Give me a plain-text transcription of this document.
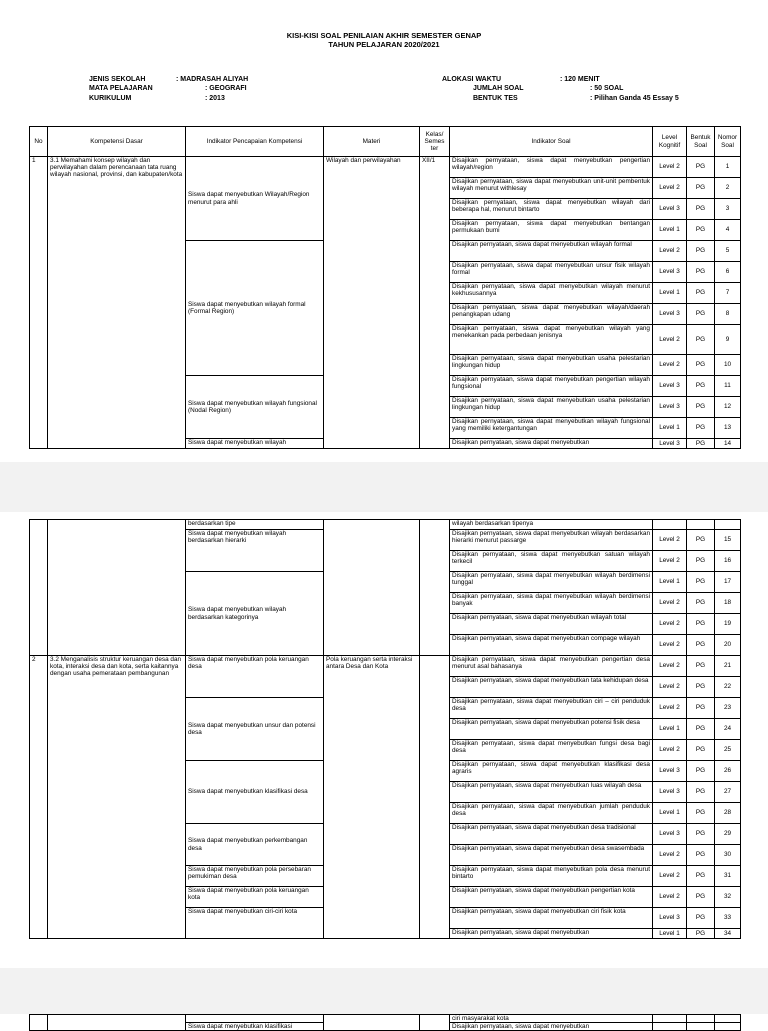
KISI-KISI SOAL PENILAIAN AKHIR SEMESTER GENAP
TAHUN PELAJARAN 2020/2021
JENIS SEKOLAH	: MADRASAH ALIYAH
MATA PELAJARAN	: GEOGRAFI
KURIKULUM	: 2013
ALOKASI WAKTU	: 120 MENIT
JUMLAH SOAL	: 50 SOAL
BENTUK TES	: Pilihan Ganda 45 Essay 5
No	Kompetensi Dasar	Indikator Pencapaian Kompetensi	Materi	Kelas/ Semes ter	Indikator Soal	Level Kognitif	Bentuk Soal	Nomor Soal
1	3.1 Memahami konsep wilayah dan perwilayahan dalam perencanaan tata ruang wilayah nasional, provinsi, dan kabupaten/kota	Siswa dapat menyebutkan Wilayah/Region menurut para ahli	Wilayah dan perwilayahan	XII/1	Disajikan pernyataan, siswa dapat menyebutkan pengertian wilayah/region	Level 2	PG	1
					Disajikan pernyataan, siswa dapat menyebutkan unit-unit pembentuk wilayah menurut withlesay	Level 2	PG	2
					Disajikan pernyataan, siswa dapat menyebutkan wilayah dari beberapa hal, menurut bintarto	Level 3	PG	3
					Disajikan pernyataan, siswa dapat menyebutkan bentangan permukaan bumi	Level 1	PG	4
		Siswa dapat menyebutkan wilayah formal (Formal Region)			Disajikan pernyataan, siswa dapat menyebutkan wilayah formal	Level 2	PG	5
					Disajikan pernyataan, siswa dapat menyebutkan unsur fisik wilayah formal	Level 3	PG	6
					Disajikan pernyataan, siswa dapat menyebutkan wilayah menurut kekhususannya	Level 1	PG	7
					Disajikan pernyataan, siswa dapat menyebutkan wilayah/daerah penangkapan udang	Level 3	PG	8
					Disajikan pernyataan, siswa dapat menyebutkan wilayah yang menekankan pada perbedaan jenisnya	Level 2	PG	9
					Disajikan pernyataan, siswa dapat menyebutkan usaha pelestarian lingkungan hidup	Level 2	PG	10
		Siswa dapat menyebutkan wilayah fungsional (Nodal Region)			Disajikan pernyataan, siswa dapat menyebutkan pengertian wilayah fungsional	Level 3	PG	11
					Disajikan pernyataan, siswa dapat menyebutkan usaha pelestarian lingkungan hidup	Level 3	PG	12
					Disajikan pernyataan, siswa dapat menyebutkan wilayah fungsional yang memiliki ketergantungan	Level 1	PG	13
		Siswa dapat menyebutkan wilayah			Disajikan pernyataan, siswa dapat menyebutkan	Level 3	PG	14
		berdasarkan tipe			wilayah berdasarkan tipenya			
		Siswa dapat menyebutkan wilayah berdasarkan hierarki			Disajikan pernyataan, siswa dapat menyebutkan wilayah berdasarkan hierarki menurut passarge	Level 2	PG	15
					Disajikan pernyataan, siswa dapat menyebutkan satuan wilayah terkecil	Level 2	PG	16
		Siswa dapat menyebutkan wilayah berdasarkan kategorinya			Disajikan pernyataan, siswa dapat menyebutkan wilayah berdimensi tunggal	Level 1	PG	17
					Disajikan pernyataan, siswa dapat menyebutkan wilayah berdimensi banyak	Level 2	PG	18
					Disajikan pernyataan, siswa dapat menyebutkan wilayah total	Level 2	PG	19
					Disajikan pernyataan, siswa dapat menyebutkan compage wilayah	Level 2	PG	20
2	3.2 Menganalisis struktur keruangan desa dan kota, interaksi desa dan kota, serta kaitannya dengan usaha pemerataan pembangunan	Siswa dapat menyebutkan pola keruangan desa	Pola keruangan serta interaksi antara Desa dan Kota		Disajikan pernyataan, siswa dapat menyebutkan pengertian desa menurut asal bahasanya	Level 2	PG	21
					Disajikan pernyataan, siswa dapat menyebutkan tata kehidupan desa	Level 2	PG	22
		Siswa dapat menyebutkan unsur dan potensi desa			Disajikan pernyataan, siswa dapat menyebutkan ciri – ciri penduduk desa	Level 2	PG	23
					Disajikan pernyataan, siswa dapat menyebutkan potensi fisik desa	Level 1	PG	24
					Disajikan pernyataan, siswa dapat menyebutkan fungsi desa bagi desa	Level 2	PG	25
		Siswa dapat menyebutkan klasifikasi desa			Disajikan pernyataan, siswa dapat menyebutkan klasifikasi desa agraris	Level 3	PG	26
					Disajikan pernyataan, siswa dapat menyebutkan luas wilayah desa	Level 3	PG	27
					Disajikan pernyataan, siswa dapat menyebutkan jumlah penduduk desa	Level 1	PG	28
		Siswa dapat menyebutkan perkembangan desa			Disajikan pernyataan, siswa dapat menyebutkan desa tradisional	Level 3	PG	29
					Disajikan pernyataan, siswa dapat menyebutkan desa swasembada	Level 2	PG	30
		Siswa dapat menyebutkan pola persebaran pemukiman desa			Disajikan pernyataan, siswa dapat menyebutkan pola desa menurut bintarto	Level 2	PG	31
		Siswa dapat menyebutkan pola keruangan kota			Disajikan pernyataan, siswa dapat menyebutkan pengertian kota	Level 2	PG	32
		Siswa dapat menyebutkan ciri-ciri kota			Disajikan pernyataan, siswa dapat menyebutkan ciri fisik kota	Level 3	PG	33
					Disajikan pernyataan, siswa dapat menyebutkan	Level 1	PG	34
					ciri masyarakat kota			
		Siswa dapat menyebutkan klasifikasi			Disajikan pernyataan, siswa dapat menyebutkan			
